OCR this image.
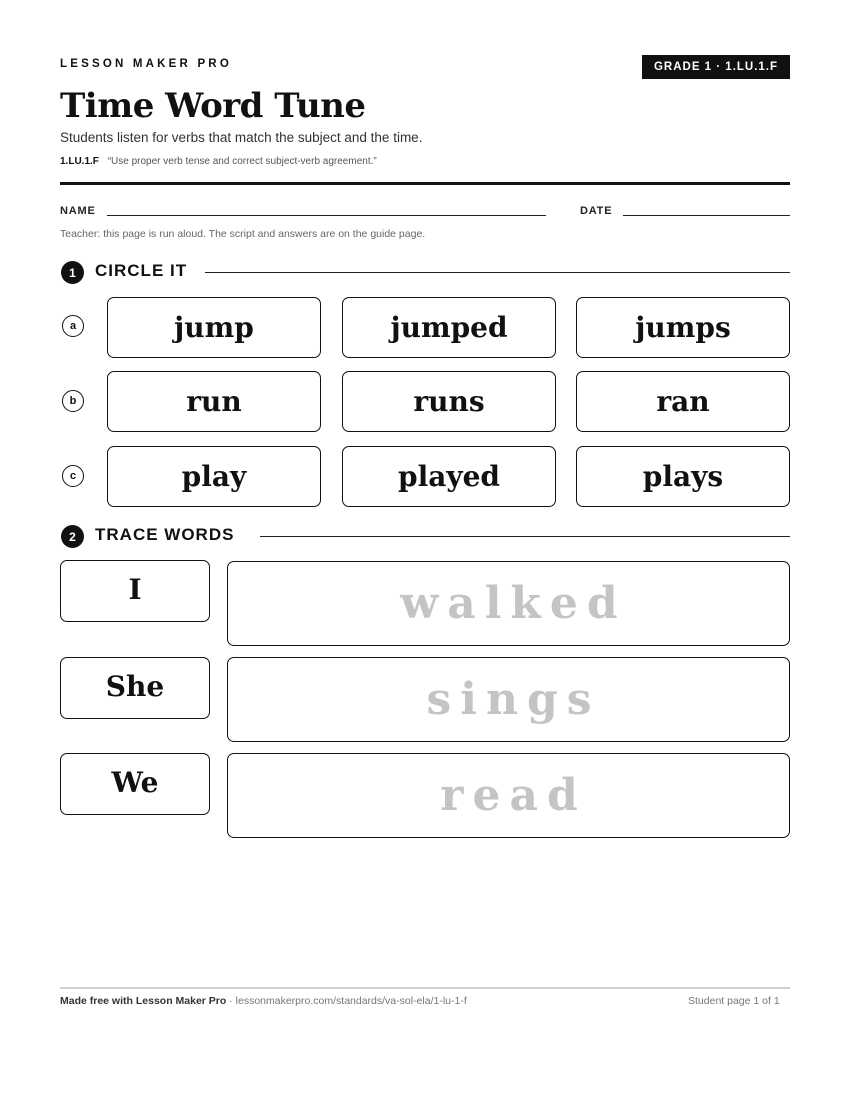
LESSON MAKER PRO	GRADE 1 · 1.LU.1.F
Time Word Tune
Students listen for verbs that match the subject and the time.
1.LU.1.F “Use proper verb tense and correct subject-verb agreement.”
NAME	DATE
Teacher: this page is run aloud. The script and answers are on the guide page.
1	CIRCLE IT
a	jump	jumped	jumps
b	run	runs	ran
c	play	played	plays
2	TRACE WORDS
I	walked
She	sings
We	read
Made free with Lesson Maker Pro · lessonmakerpro.com/standards/va-sol-ela/1-lu-1-f	Student page 1 of 1
